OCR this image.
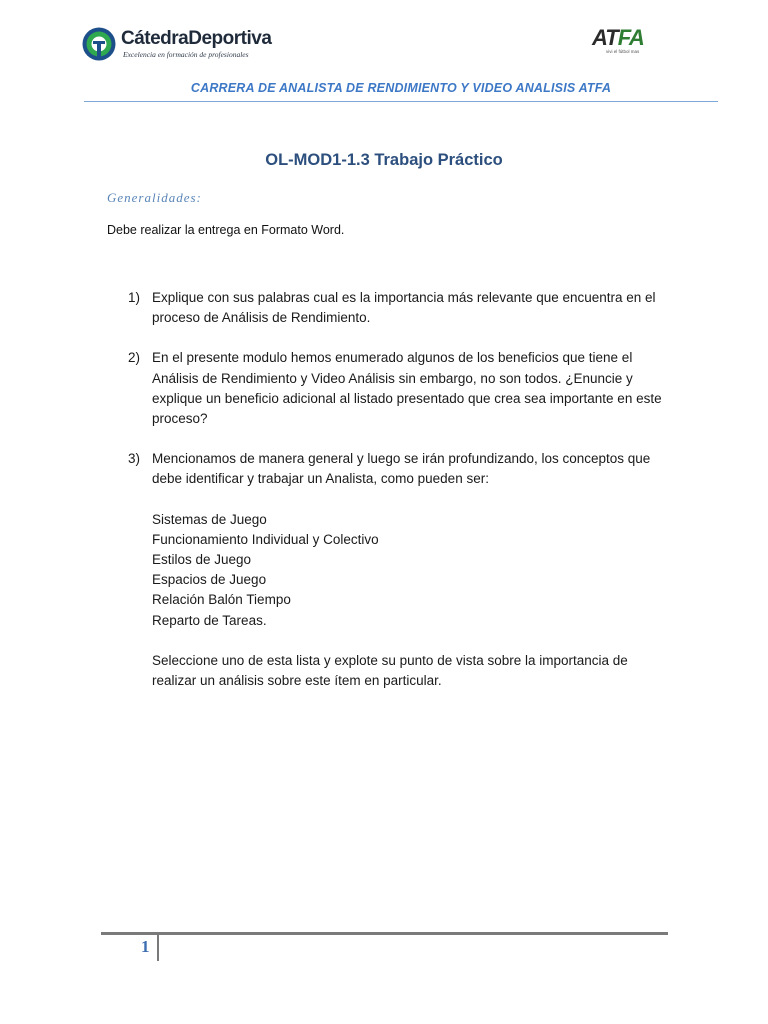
CátedraDeportiva
Excelencia en formación de profesionales
ATFA
vivi el fútbol mas
CARRERA DE ANALISTA DE RENDIMIENTO Y VIDEO ANALISIS ATFA
OL-MOD1-1.3 Trabajo Práctico
Generalidades:
Debe realizar la entrega en Formato Word.
1) Explique con sus palabras cual es la importancia más relevante que encuentra en el proceso de Análisis de Rendimiento.
2) En el presente modulo hemos enumerado algunos de los beneficios que tiene el Análisis de Rendimiento y Video Análisis sin embargo, no son todos. ¿Enuncie y explique un beneficio adicional al listado presentado que crea sea importante en este proceso?
3) Mencionamos de manera general y luego se irán profundizando, los conceptos que debe identificar y trabajar un Analista, como pueden ser:
Sistemas de Juego
Funcionamiento Individual y Colectivo
Estilos de Juego
Espacios de Juego
Relación Balón Tiempo
Reparto de Tareas.
Seleccione uno de esta lista y explote su punto de vista sobre la importancia de realizar un análisis sobre este ítem en particular.
1
